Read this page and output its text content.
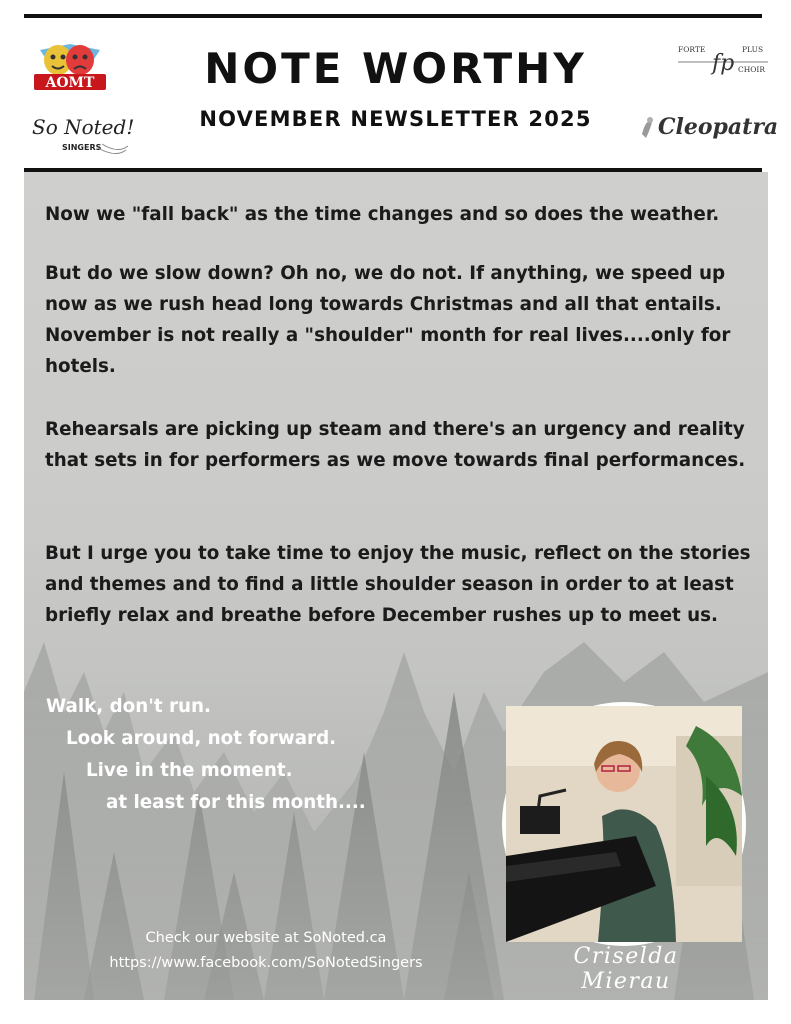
AOMT
So Noted!
SINGERS
FORTE	PLUS
fp CHOIR
Cleopatra
NOTE WORTHY
NOVEMBER NEWSLETTER 2025

Now we "fall back" as the time changes and so does the weather.

But do we slow down? Oh no, we do not. If anything, we speed up now as we rush head long towards Christmas and all that entails. November is not really a "shoulder" month for real lives....only for hotels.

Rehearsals are picking up steam and there's an urgency and reality that sets in for performers as we move towards final performances.

But I urge you to take time to enjoy the music, reflect on the stories and themes and to find a little shoulder season in order to at least briefly relax and breathe before December rushes up to meet us.

Walk, don't run.
Look around, not forward.
Live in the moment.
at least for this month....
Check our website at SoNoted.ca
https://www.facebook.com/SoNotedSingers	Criselda Mierau
